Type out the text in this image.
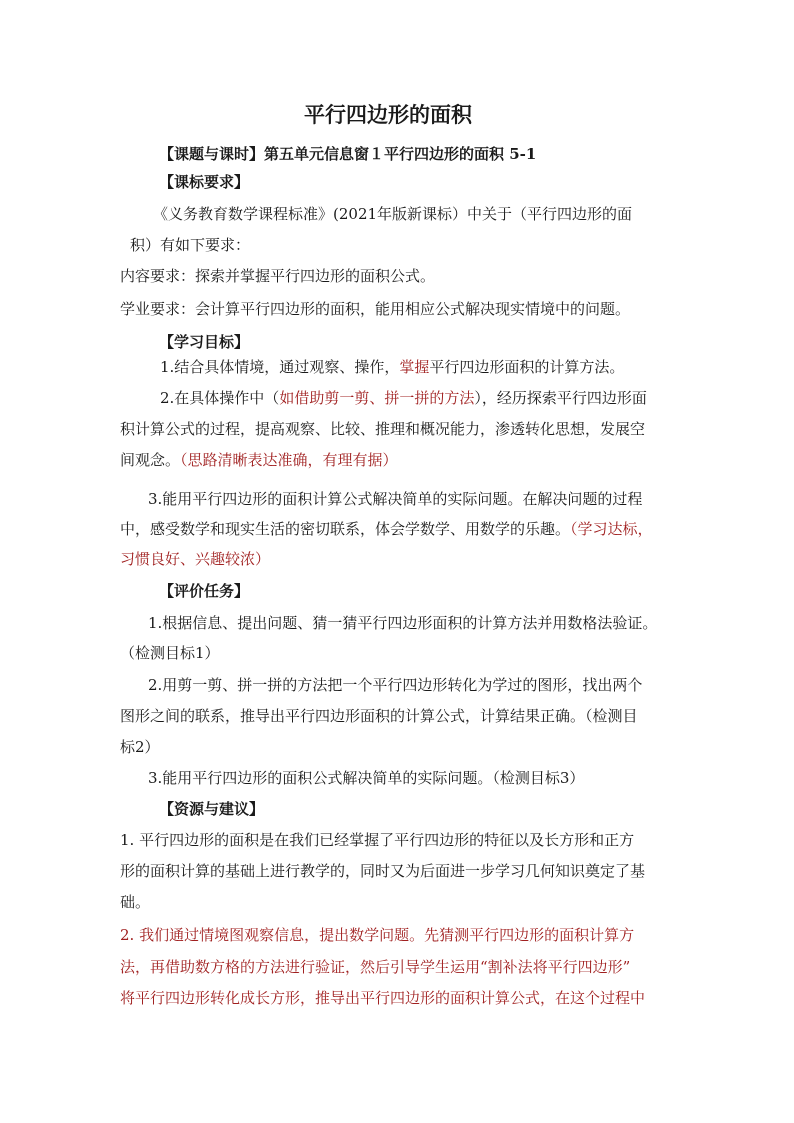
平行四边形的面积
【课题与课时】第五单元信息窗１平行四边形的面积 5-1
【课标要求】
《义务教育数学课程标准》(2021年版新课标）中关于（平行四边形的面
积）有如下要求：
内容要求：探索并掌握平行四边形的面积公式。
学业要求：会计算平行四边形的面积，能用相应公式解决现实情境中的问题。
【学习目标】
1.结合具体情境，通过观察、操作，掌握平行四边形面积的计算方法。
2.在具体操作中（如借助剪一剪、拼一拼的方法），经历探索平行四边形面
积计算公式的过程，提高观察、比较、推理和概况能力，渗透转化思想，发展空
间观念。（思路清晰表达准确，有理有据）
3.能用平行四边形的面积计算公式解决简单的实际问题。在解决问题的过程
中，感受数学和现实生活的密切联系，体会学数学、用数学的乐趣。（学习达标，
习惯良好、兴趣较浓）
【评价任务】
1.根据信息、提出问题、猜一猜平行四边形面积的计算方法并用数格法验证。
（检测目标1）
2.用剪一剪、拼一拼的方法把一个平行四边形转化为学过的图形，找出两个
图形之间的联系，推导出平行四边形面积的计算公式，计算结果正确。（检测目
标2）
3.能用平行四边形的面积公式解决简单的实际问题。（检测目标3）
【资源与建议】
1. 平行四边形的面积是在我们已经掌握了平行四边形的特征以及长方形和正方
形的面积计算的基础上进行教学的，同时又为后面进一步学习几何知识奠定了基
础。
2. 我们通过情境图观察信息，提出数学问题。先猜测平行四边形的面积计算方
法，再借助数方格的方法进行验证，然后引导学生运用“割补法将平行四边形”
将平行四边形转化成长方形，推导出平行四边形的面积计算公式，在这个过程中
